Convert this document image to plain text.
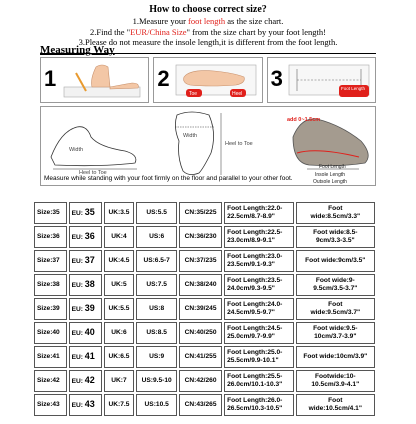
How to choose correct size?
1.Measure your foot length as the size chart.
2.Find the "EUR/China Size" from the size chart by your foot length!
3.Please do not measure the insole length,it is different from the foot length.
Measuring Way
1	2
Toe	Heel
3	Foot Length
Width
Heel to Toe
Width
Heel to Toe
add 0~1.5cm
Foot Length
Insole Length
Outsole Length
Measure while standing with your foot firmly on the floor and parallel to your other foot.
Size:35	EU: 35	UK:3.5	US:5.5	CN:35/225	Foot Length:22.0-
22.5cm/8.7-8.9"	Foot
wide:8.5cm/3.3"
Size:36	EU: 36	UK:4	US:6	CN:36/230	Foot Length:22.5-
23.0cm/8.9-9.1"	Foot wide:8.5-
9cm/3.3-3.5"
Size:37	EU: 37	UK:4.5	US:6.5-7	CN:37/235	Foot Length:23.0-
23.5cm/9.1-9.3"	Foot wide:9cm/3.5"
Size:38	EU: 38	UK:5	US:7.5	CN:38/240	Foot Length:23.5-
24.0cm/9.3-9.5"	Foot wide:9-
9.5cm/3.5-3.7"
Size:39	EU: 39	UK:5.5	US:8	CN:39/245	Foot Length:24.0-
24.5cm/9.5-9.7"	Foot
wide:9.5cm/3.7"
Size:40	EU: 40	UK:6	US:8.5	CN:40/250	Foot Length:24.5-
25.0cm/9.7-9.9"	Foot wide:9.5-
10cm/3.7-3.9"
Size:41	EU: 41	UK:6.5	US:9	CN:41/255	Foot Length:25.0-
25.5cm/9.9-10.1"	Foot wide:10cm/3.9"
Size:42	EU: 42	UK:7	US:9.5-10	CN:42/260	Foot Length:25.5-
26.0cm/10.1-10.3"	Footwide:10-
10.5cm/3.9-4.1"
Size:43	EU: 43	UK:7.5	US:10.5	CN:43/265	Foot Length:26.0-
26.5cm/10.3-10.5"	Foot
wide:10.5cm/4.1"
